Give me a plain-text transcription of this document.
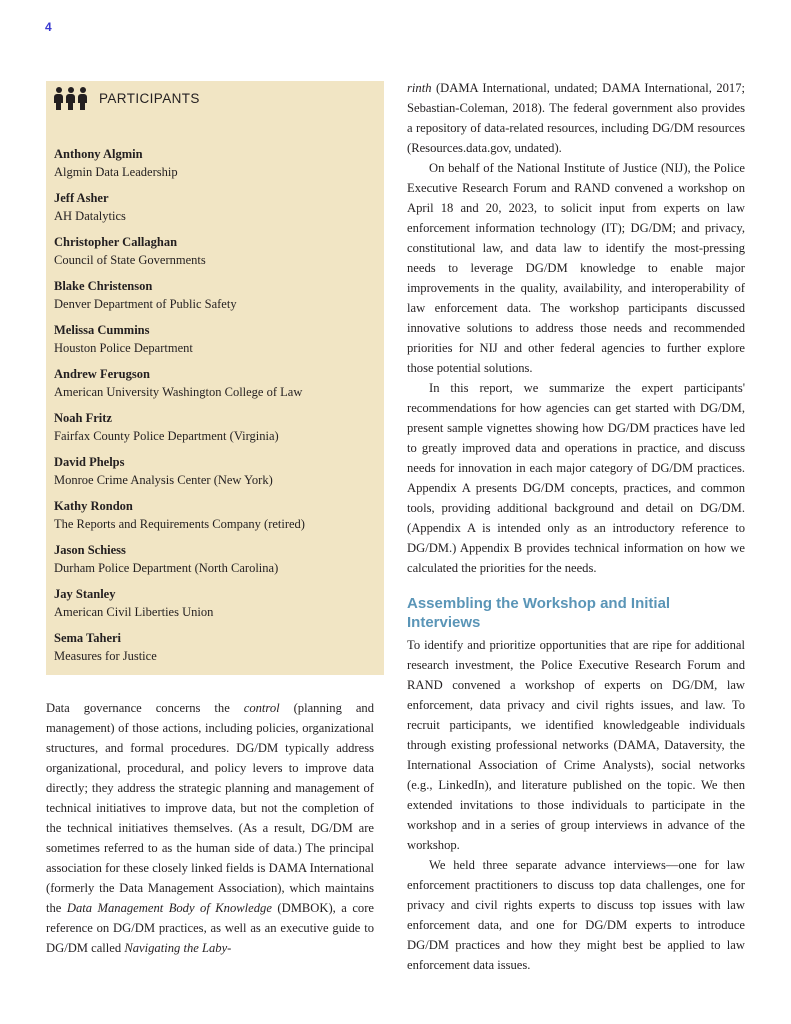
4
PARTICIPANTS
Anthony Algmin
Algmin Data Leadership
Jeff Asher
AH Datalytics
Christopher Callaghan
Council of State Governments
Blake Christenson
Denver Department of Public Safety
Melissa Cummins
Houston Police Department
Andrew Ferugson
American University Washington College of Law
Noah Fritz
Fairfax County Police Department (Virginia)
David Phelps
Monroe Crime Analysis Center (New York)
Kathy Rondon
The Reports and Requirements Company (retired)
Jason Schiess
Durham Police Department (North Carolina)
Jay Stanley
American Civil Liberties Union
Sema Taheri
Measures for Justice

Data governance concerns the control (planning and management) of those actions, including policies, organizational structures, and formal procedures. DG/DM typically address organizational, procedural, and policy levers to improve data directly; they address the strategic planning and management of technical initiatives to improve data, but not the completion of the technical initiatives themselves. (As a result, DG/DM are sometimes referred to as the human side of data.) The principal association for these closely linked fields is DAMA International (formerly the Data Management Association), which maintains the Data Management Body of Knowledge (DMBOK), a core reference on DG/DM practices, as well as an executive guide to DG/DM called Navigating the Laby-

rinth (DAMA International, undated; DAMA International, 2017; Sebastian-Coleman, 2018). The federal government also provides a repository of data-related resources, including DG/DM resources (Resources.data.gov, undated).

On behalf of the National Institute of Justice (NIJ), the Police Executive Research Forum and RAND convened a workshop on April 18 and 20, 2023, to solicit input from experts on law enforcement information technology (IT); DG/DM; and privacy, constitutional law, and data law to identify the most-pressing needs to leverage DG/DM knowledge to enable major improvements in the quality, availability, and interoperability of law enforcement data. The workshop participants discussed innovative solutions to address those needs and recommended priorities for NIJ and other federal agencies to further explore those potential solutions.

In this report, we summarize the expert participants' recommendations for how agencies can get started with DG/DM, present sample vignettes showing how DG/DM practices have led to greatly improved data and operations in practice, and discuss needs for innovation in each major category of DG/DM practices. Appendix A presents DG/DM concepts, practices, and common tools, providing additional background and detail on DG/DM. (Appendix A is intended only as an introductory reference to DG/DM.) Appendix B provides technical information on how we calculated the priorities for the needs.

Assembling the Workshop and Initial Interviews

To identify and prioritize opportunities that are ripe for additional research investment, the Police Executive Research Forum and RAND convened a workshop of experts on DG/DM, law enforcement, data privacy and civil rights issues, and law. To recruit participants, we identified knowledgeable individuals through existing professional networks (DAMA, Dataversity, the International Association of Crime Analysts), social networks (e.g., LinkedIn), and literature published on the topic. We then extended invitations to those individuals to participate in the workshop and in a series of group interviews in advance of the workshop.

We held three separate advance interviews—one for law enforcement practitioners to discuss top data challenges, one for privacy and civil rights experts to discuss top issues with law enforcement data, and one for DG/DM experts to introduce DG/DM practices and how they might best be applied to law enforcement data issues.
